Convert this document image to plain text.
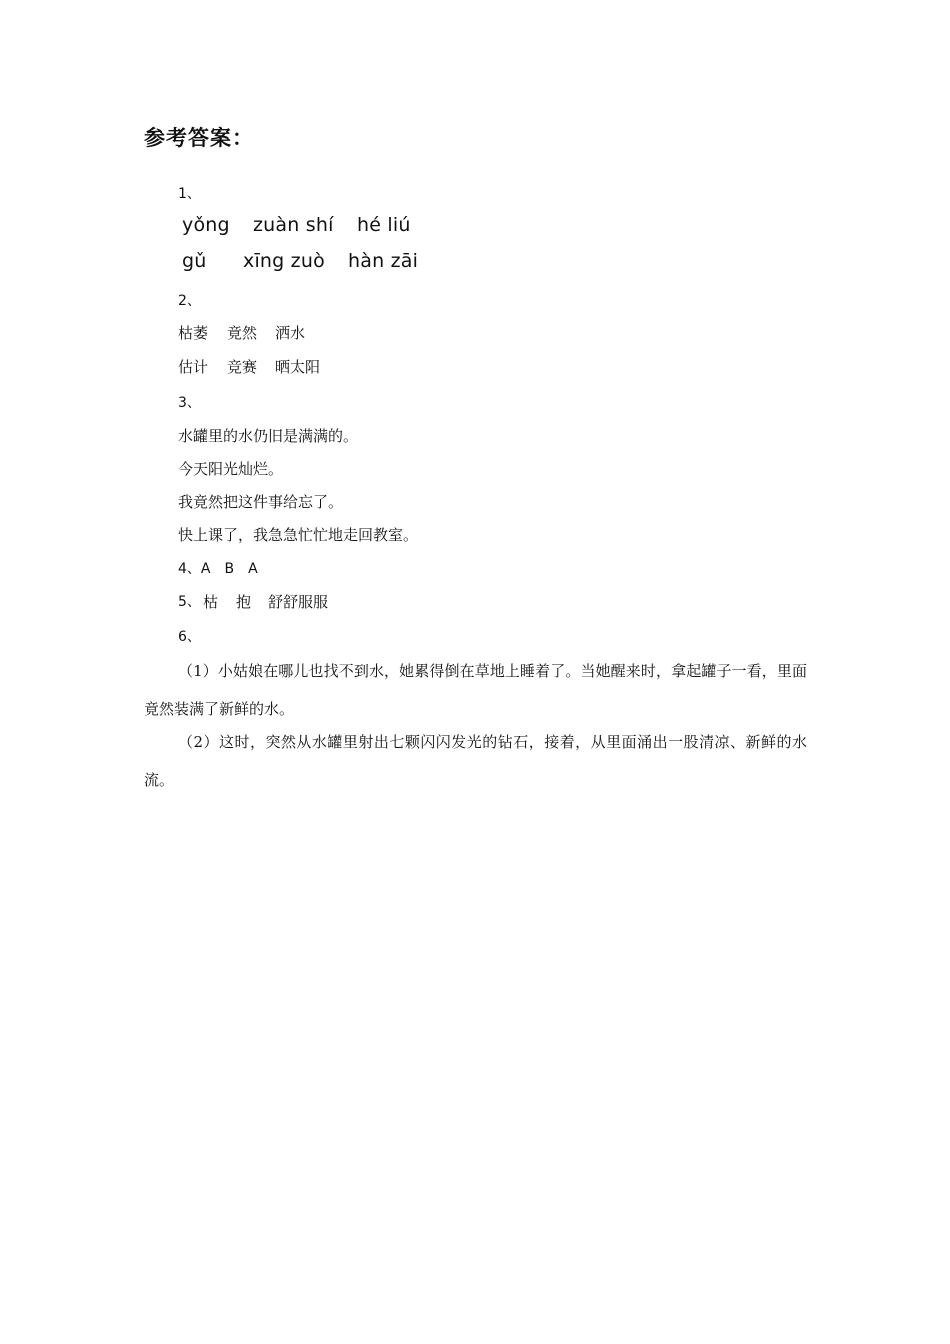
参考答案：
1、
yǒng zuàn shí hé liú
gǔ xīng zuò hàn zāi
2、
枯萎 竟然 洒水
估计 竞赛 晒太阳
3、
水罐里的水仍旧是满满的。
今天阳光灿烂。
我竟然把这件事给忘了。
快上课了，我急急忙忙地走回教室。
4、A　B　A
5、 枯 抱 舒舒服服
6、
（1）小姑娘在哪儿也找不到水，她累得倒在草地上睡着了。当她醒来时，拿起罐子一看，里面竟然装满了新鲜的水。
（2）这时，突然从水罐里射出七颗闪闪发光的钻石，接着，从里面涌出一股清凉、新鲜的水流。
